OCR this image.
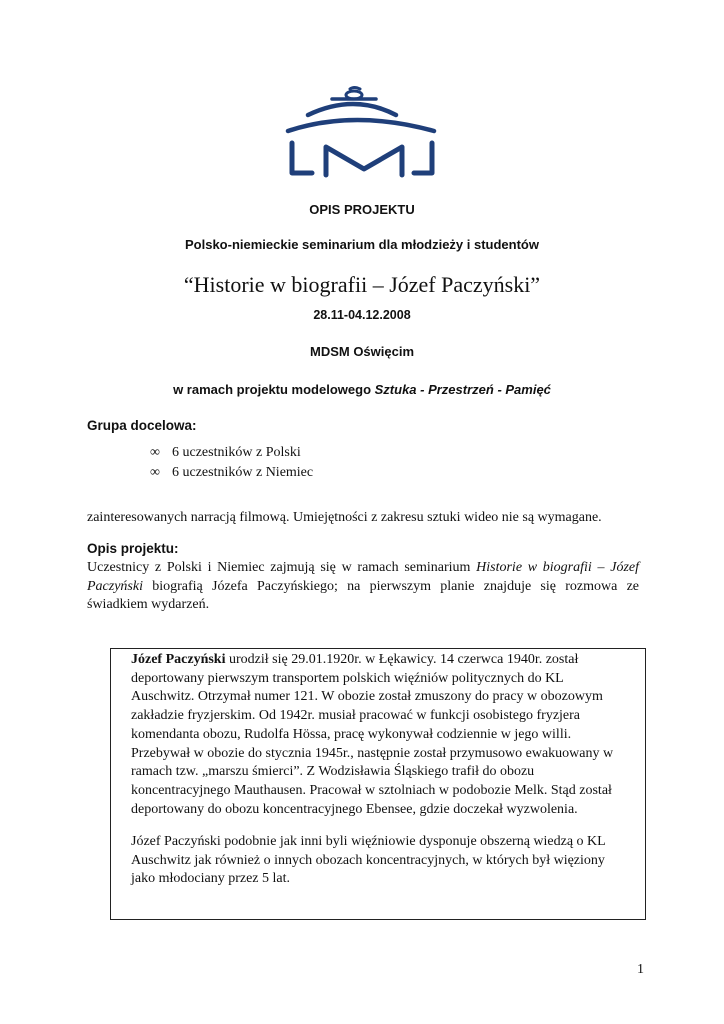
OPIS PROJEKTU
Polsko-niemieckie seminarium dla młodzieży i studentów
“Historie w biografii – Józef Paczyński”
28.11-04.12.2008
MDSM Oświęcim
w ramach projektu modelowego Sztuka - Przestrzeń - Pamięć
Grupa docelowa:
∞ 6 uczestników z Polski
∞ 6 uczestników z Niemiec
zainteresowanych narracją filmową. Umiejętności z zakresu sztuki wideo nie są wymagane.
Opis projektu:
Uczestnicy z Polski i Niemiec zajmują się w ramach seminarium Historie w biografii – Józef Paczyński biografią Józefa Paczyńskiego; na pierwszym planie znajduje się rozmowa ze świadkiem wydarzeń.

Józef Paczyński urodził się 29.01.1920r. w Łękawicy. 14 czerwca 1940r. został deportowany pierwszym transportem polskich więźniów politycznych do KL Auschwitz. Otrzymał numer 121. W obozie został zmuszony do pracy w obozowym zakładzie fryzjerskim. Od 1942r. musiał pracować w funkcji osobistego fryzjera komendanta obozu, Rudolfa Hössa, pracę wykonywał codziennie w jego willi. Przebywał w obozie do stycznia 1945r., następnie został przymusowo ewakuowany w ramach tzw. „marszu śmierci”. Z Wodzisławia Śląskiego trafił do obozu koncentracyjnego Mauthausen. Pracował w sztolniach w podobozie Melk. Stąd został deportowany do obozu koncentracyjnego Ebensee, gdzie doczekał wyzwolenia.

Józef Paczyński podobnie jak inni byli więźniowie dysponuje obszerną wiedzą o KL Auschwitz jak również o innych obozach koncentracyjnych, w których był więziony jako młodociany przez 5 lat.

1
